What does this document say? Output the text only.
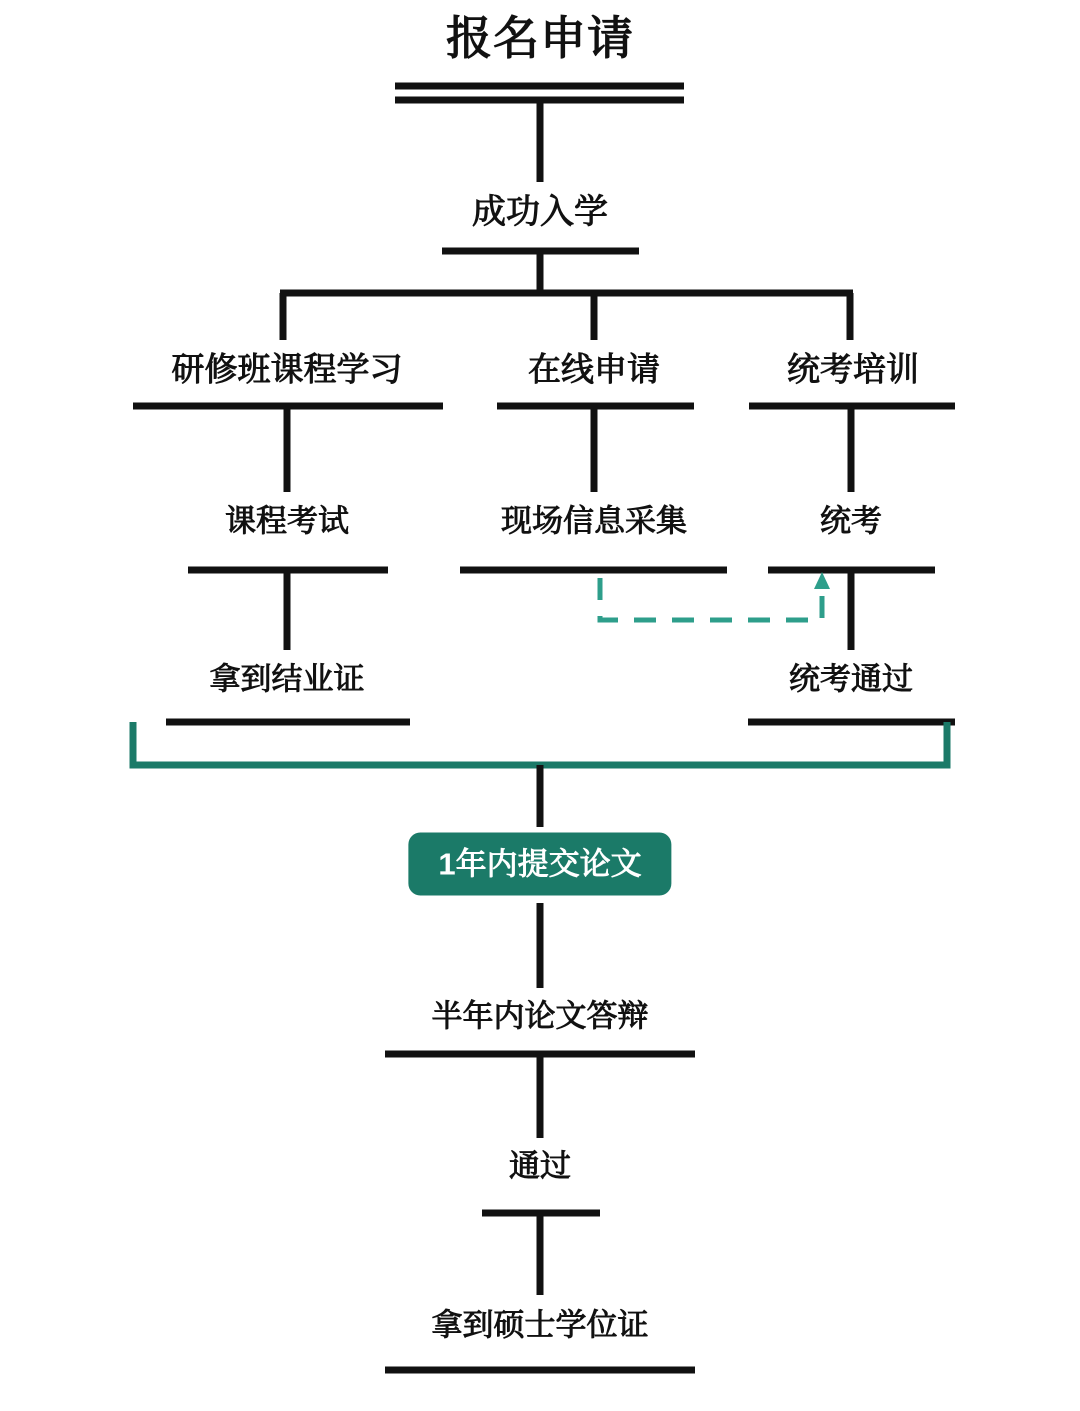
报名申请
成功入学
研修班课程学习	在线申请	统考培训
课程考试	现场信息采集	统考
拿到结业证	统考通过
1年内提交论文
半年内论文答辩
通过
拿到硕士学位证
